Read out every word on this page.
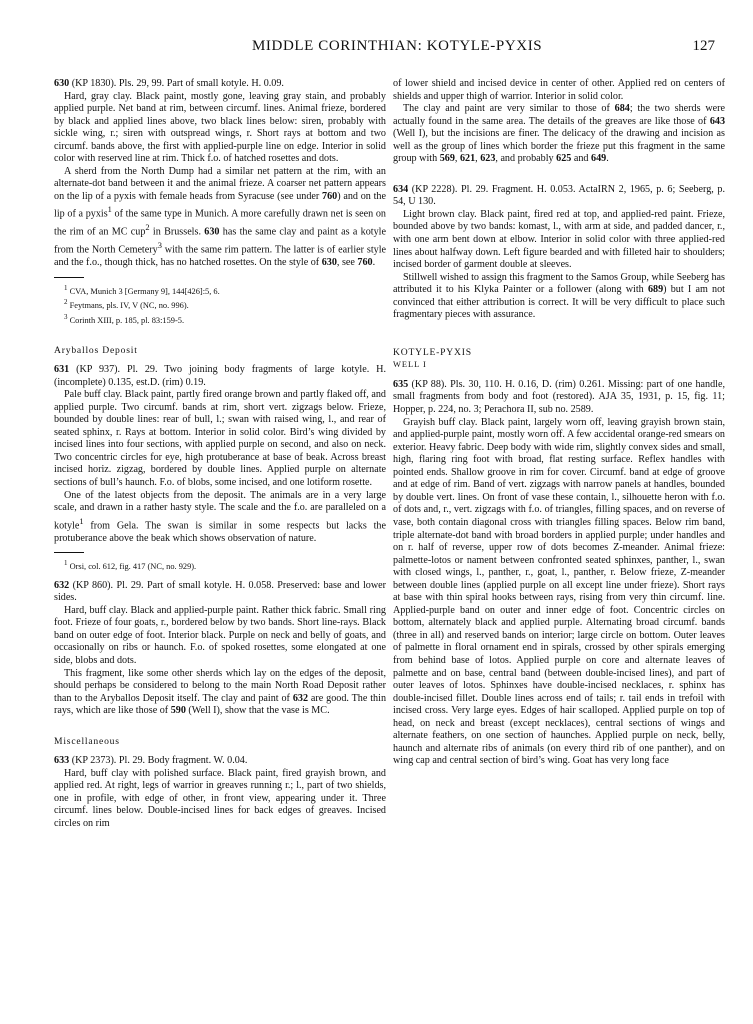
MIDDLE CORINTHIAN: KOTYLE-PYXIS	127

630 (KP 1830). Pls. 29, 99. Part of small kotyle. H. 0.09.

Hard, gray clay. Black paint, mostly gone, leaving gray stain, and probably applied purple. Net band at rim, between circumf. lines. Animal frieze, bordered by black and applied lines above, two black lines below: siren, probably with sickle wing, r.; siren with outspread wings, r. Short rays at bottom and two circumf. bands above, the first with applied-purple line on edge. Interior in solid color with reserved line at rim. Thick f.o. of hatched rosettes and dots.

A sherd from the North Dump had a similar net pattern at the rim, with an alternate-dot band between it and the animal frieze. A coarser net pattern appears on the lip of a pyxis with female heads from Syracuse (see under 760) and on the lip of a pyxis$^1$ of the same type in Munich. A more carefully drawn net is seen on the rim of an MC cup$^2$ in Brussels. 630 has the same clay and paint as a kotyle from the North Cemetery$^3$ with the same rim pattern. The latter is of earlier style and the f.o., though thick, has no hatched rosettes. On the style of 630, see 760.

$^1$ CVA, Munich 3 [Germany 9], 144[426]:5, 6.

$^2$ Feytmans, pls. IV, V (NC, no. 996).

$^3$ Corinth XIII, p. 185, pl. 83:159-5.

Aryballos Deposit

631 (KP 937). Pl. 29. Two joining body fragments of large kotyle. H. (incomplete) 0.135, est.D. (rim) 0.19.

Pale buff clay. Black paint, partly fired orange brown and partly flaked off, and applied purple. Two circumf. bands at rim, short vert. zigzags below. Frieze, bounded by double lines: rear of bull, l.; swan with raised wing, l., and rear of seated sphinx, r. Rays at bottom. Interior in solid color. Bird’s wing divided by incised lines into four sections, with applied purple on second, and also on neck. Two concentric circles for eye, high protuberance at base of beak. Across breast incised horiz. zigzag, bordered by double lines. Applied purple on alternate sections of bull’s haunch. F.o. of blobs, some incised, and one lotiform rosette.

One of the latest objects from the deposit. The animals are in a very large scale, and drawn in a rather hasty style. The scale and the f.o. are paralleled on a kotyle$^1$ from Gela. The swan is similar in some respects but lacks the protuberance above the beak which shows observation of nature.

$^1$ Orsi, col. 612, fig. 417 (NC, no. 929).

632 (KP 860). Pl. 29. Part of small kotyle. H. 0.058. Preserved: base and lower sides.

Hard, buff clay. Black and applied-purple paint. Rather thick fabric. Small ring foot. Frieze of four goats, r., bordered below by two bands. Short line-rays. Black band on outer edge of foot. Interior black. Purple on neck and belly of goats, and occasionally on ribs or haunch. F.o. of spoked rosettes, some elongated at one side, blobs and dots.

This fragment, like some other sherds which lay on the edges of the deposit, should perhaps be considered to belong to the main North Road Deposit rather than to the Aryballos Deposit itself. The clay and paint of 632 are good. The thin rays, which are like those of 590 (Well I), show that the vase is MC.

Miscellaneous

633 (KP 2373). Pl. 29. Body fragment. W. 0.04.

Hard, buff clay with polished surface. Black paint, fired grayish brown, and applied red. At right, legs of warrior in greaves running r.; l., part of two shields, one in profile, with edge of other, in front view, appearing under it. Three circumf. lines below. Double-incised lines for back edges of greaves. Incised circles on rim

of lower shield and incised device in center of other. Applied red on centers of shields and upper thigh of warrior. Interior in solid color.

The clay and paint are very similar to those of 684; the two sherds were actually found in the same area. The details of the greaves are like those of 643 (Well I), but the incisions are finer. The delicacy of the drawing and incision as well as the group of lines which border the frieze put this fragment in the same group with 569, 621, 623, and probably 625 and 649.

634 (KP 2228). Pl. 29. Fragment. H. 0.053. ActaIRN 2, 1965, p. 6; Seeberg, p. 54, U 130.

Light brown clay. Black paint, fired red at top, and applied-red paint. Frieze, bounded above by two bands: komast, l., with arm at side, and padded dancer, r., with one arm bent down at elbow. Interior in solid color with three applied-red lines about halfway down. Left figure bearded and with filleted hair to shoulders; incised border of garment double at sleeves.

Stillwell wished to assign this fragment to the Samos Group, while Seeberg has attributed it to his Klyka Painter or a follower (along with 689) but I am not convinced that either attribution is correct. It will be very difficult to place such fragmentary pieces with assurance.

KOTYLE-PYXIS

WELL I

635 (KP 88). Pls. 30, 110. H. 0.16, D. (rim) 0.261. Missing: part of one handle, small fragments from body and foot (restored). AJA 35, 1931, p. 15, fig. 11; Hopper, p. 224, no. 3; Perachora II, sub no. 2589.

Grayish buff clay. Black paint, largely worn off, leaving grayish brown stain, and applied-purple paint, mostly worn off. A few accidental orange-red smears on exterior. Heavy fabric. Deep body with wide rim, slightly convex sides and small, high, flaring ring foot with broad, flat resting surface. Reflex handles with pointed ends. Shallow groove in rim for cover. Circumf. band at edge of groove and at edge of rim. Band of vert. zigzags with narrow panels at handles, bounded by double vert. lines. On front of vase these contain, l., silhouette heron with f.o. of dots and, r., vert. zigzags with f.o. of triangles, filling spaces, and on reverse of vase, both contain diagonal cross with triangles filling spaces. Below rim band, triple alternate-dot band with broad borders in applied purple; under handles and on r. half of reverse, upper row of dots becomes Z-meander. Animal frieze: palmette-lotos or nament between confronted seated sphinxes, panther, l., swan with closed wings, l., panther, r., goat, l., panther, r. Below frieze, Z-meander between double lines (applied purple on all except line under frieze). Short rays at base with thin spiral hooks between rays, rising from very thin circumf. line. Applied-purple band on outer and inner edge of foot. Concentric circles on bottom, alternately black and applied purple. Alternating broad circumf. bands (three in all) and reserved bands on interior; large circle on bottom. Outer leaves of palmette in floral ornament end in spirals, crossed by other spirals emerging from behind base of lotos. Applied purple on core and alternate leaves of palmette and on base, central band (between double-incised lines), and part of outer leaves of lotos. Sphinxes have double-incised necklaces, r. sphinx has double-incised fillet. Double lines across end of tails; r. tail ends in trefoil with incised cross. Very large eyes. Edges of hair scalloped. Applied purple on top of head, on neck and breast (except necklaces), central sections of wings and alternate feathers, on one section of haunches. Applied purple on neck, belly, haunch and alternate ribs of animals (on every third rib of one panther), and on wing cap and central section of bird’s wing. Goat has very long face
